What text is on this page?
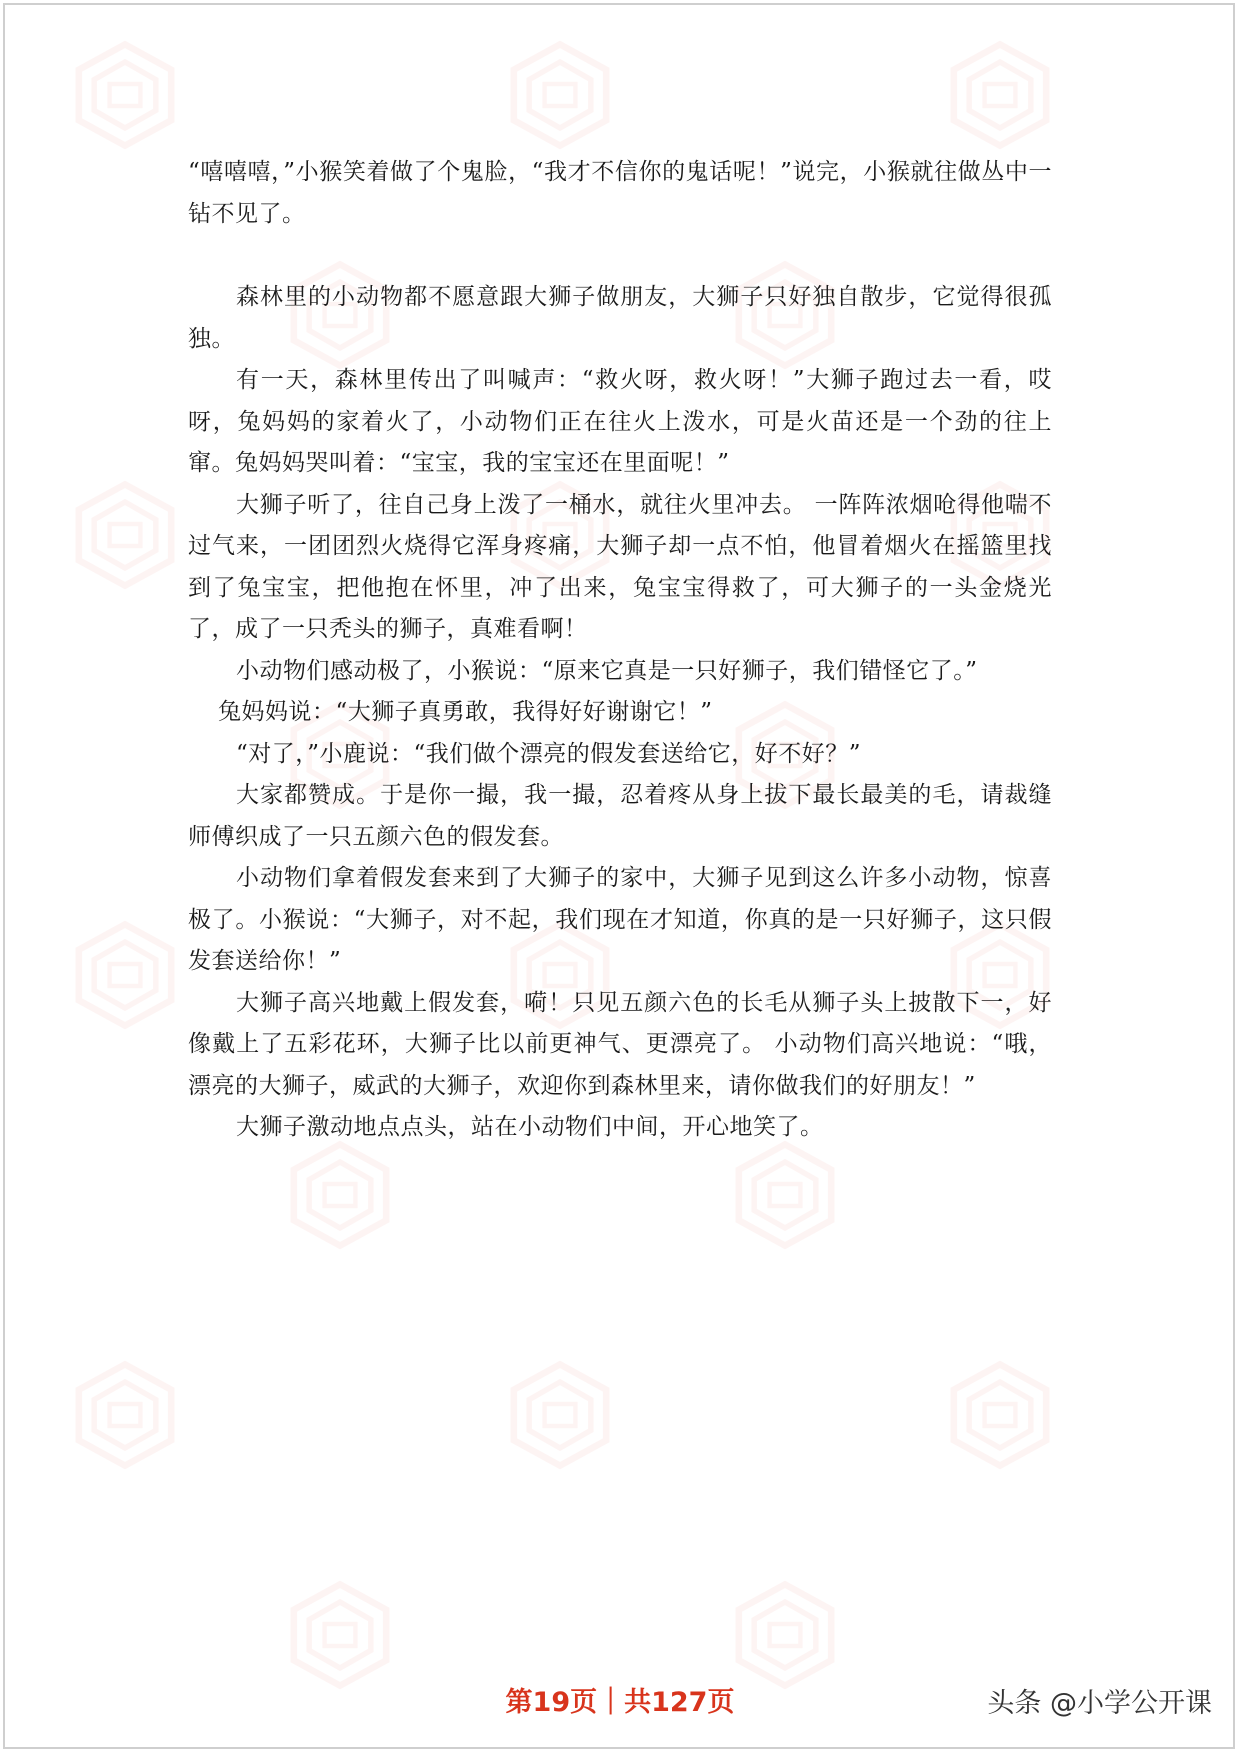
“嘻嘻嘻，”小猴笑着做了个鬼脸，“我才不信你的鬼话呢！”说完，小猴就往做丛中一钻不见了。

森林里的小动物都不愿意跟大狮子做朋友，大狮子只好独自散步，它觉得很孤独。

有一天，森林里传出了叫喊声：“救火呀，救火呀！”大狮子跑过去一看，哎呀，兔妈妈的家着火了，小动物们正在往火上泼水，可是火苗还是一个劲的往上窜。兔妈妈哭叫着：“宝宝，我的宝宝还在里面呢！”

大狮子听了，往自己身上泼了一桶水，就往火里冲去。 一阵阵浓烟呛得他喘不过气来，一团团烈火烧得它浑身疼痛，大狮子却一点不怕，他冒着烟火在摇篮里找到了兔宝宝，把他抱在怀里，冲了出来，兔宝宝得救了，可大狮子的一头金烧光了，成了一只秃头的狮子，真难看啊！

小动物们感动极了，小猴说：“原来它真是一只好狮子，我们错怪它了。”

兔妈妈说：“大狮子真勇敢，我得好好谢谢它！”

“对了，”小鹿说：“我们做个漂亮的假发套送给它，好不好？”

大家都赞成。于是你一撮，我一撮，忍着疼从身上拔下最长最美的毛，请裁缝师傅织成了一只五颜六色的假发套。

小动物们拿着假发套来到了大狮子的家中，大狮子见到这么许多小动物，惊喜极了。小猴说：“大狮子，对不起，我们现在才知道，你真的是一只好狮子，这只假发套送给你！”

大狮子高兴地戴上假发套，嗬！只见五颜六色的长毛从狮子头上披散下一，好像戴上了五彩花环，大狮子比以前更神气、更漂亮了。 小动物们高兴地说：“哦，漂亮的大狮子，威武的大狮子，欢迎你到森林里来，请你做我们的好朋友！”

大狮子激动地点点头，站在小动物们中间，开心地笑了。

第19页｜共127页	头条 @小学公开课
